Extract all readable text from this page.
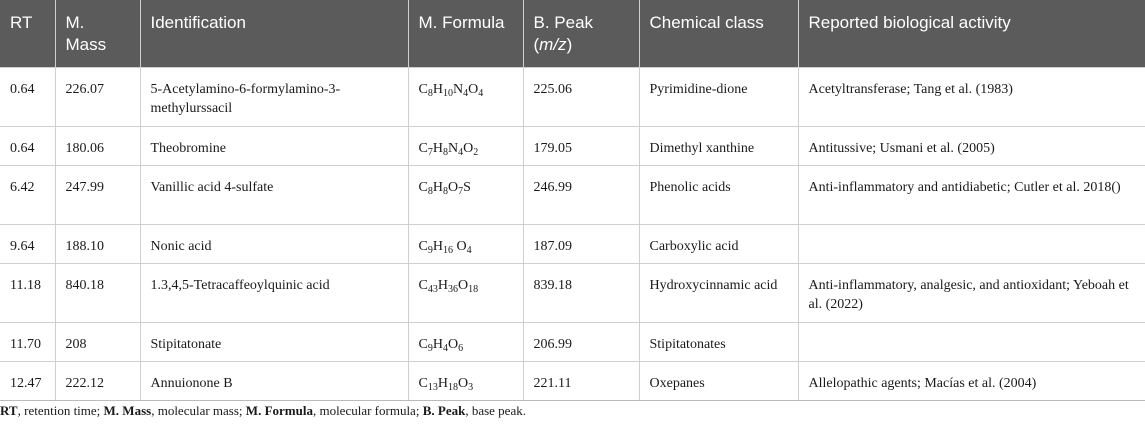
RT	M. Mass	Identification	M. Formula	B. Peak (m/z)	Chemical class	Reported biological activity
0.64	226.07	5-Acetylamino-6-formylamino-3-methylurssacil	$C_8H_{10}N_4O_4$	225.06	Pyrimidine-dione	Acetyltransferase; Tang et al. (1983)
0.64	180.06	Theobromine	$C_7H_8N_4O_2$	179.05	Dimethyl xanthine	Antitussive; Usmani et al. (2005)
6.42	247.99	Vanillic acid 4-sulfate	$C_8H_8O_7S$	246.99	Phenolic acids	Anti-inflammatory and antidiabetic; Cutler et al. 2018()
9.64	188.10	Nonic acid	$C_9H_{16}$ $O_4$	187.09	Carboxylic acid	
11.18	840.18	1.3,4,5-Tetracaffeoylquinic acid	$C_{43}H_{36}O_{18}$	839.18	Hydroxycinnamic acid	Anti-inflammatory, analgesic, and antioxidant; Yeboah et al. (2022)
11.70	208	Stipitatonate	$C_9H_4O_6$	206.99	Stipitatonates	
12.47	222.12	Annuionone B	$C_{13}H_{18}O_3$	221.11	Oxepanes	Allelopathic agents; Macías et al. (2004)
RT, retention time; M. Mass, molecular mass; M. Formula, molecular formula; B. Peak, base peak.
